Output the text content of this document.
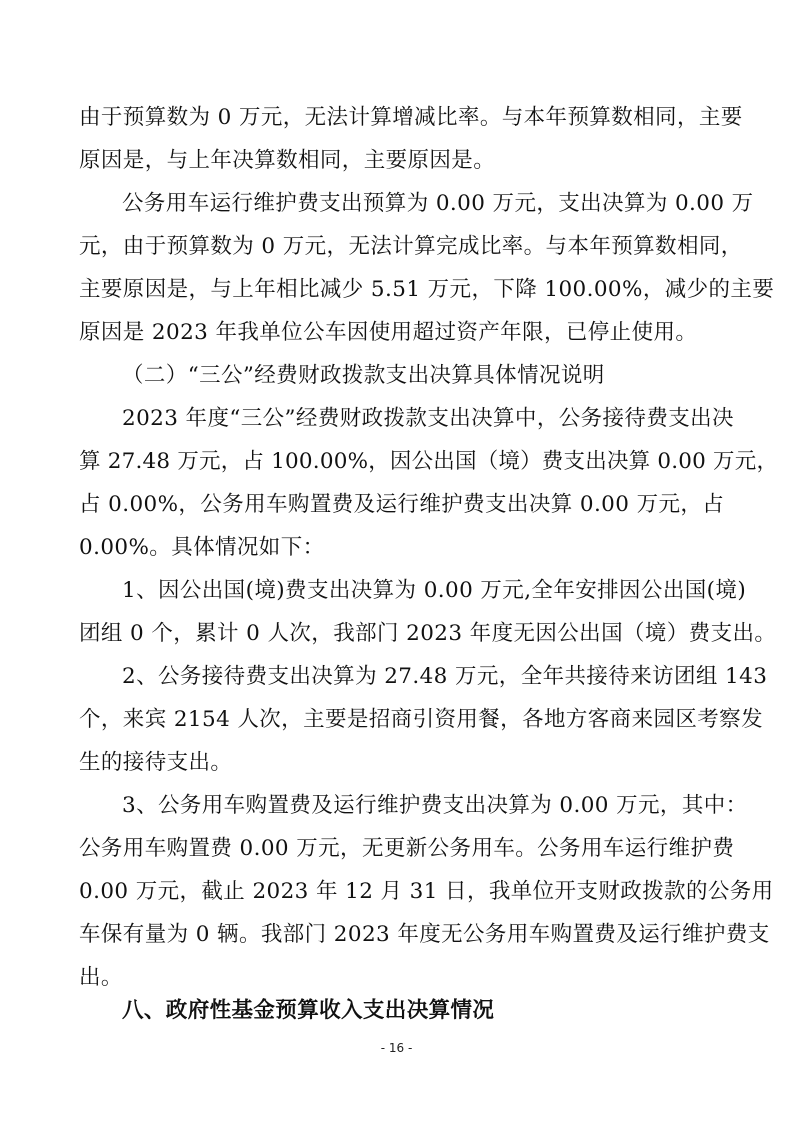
由于预算数为 0 万元，无法计算增减比率。与本年预算数相同，主要
原因是，与上年决算数相同，主要原因是。
公务用车运行维护费支出预算为 0.00 万元，支出决算为 0.00 万
元，由于预算数为 0 万元，无法计算完成比率。与本年预算数相同，
主要原因是，与上年相比减少 5.51 万元，下降 100.00%，减少的主要
原因是 2023 年我单位公车因使用超过资产年限，已停止使用。
（二）“三公”经费财政拨款支出决算具体情况说明
2023 年度“三公”经费财政拨款支出决算中，公务接待费支出决
算 27.48 万元，占 100.00%，因公出国（境）费支出决算 0.00 万元，
占 0.00%，公务用车购置费及运行维护费支出决算 0.00 万元，占
0.00%。具体情况如下：
1、因公出国(境)费支出决算为 0.00 万元,全年安排因公出国(境)
团组 0 个，累计 0 人次，我部门 2023 年度无因公出国（境）费支出。
2、公务接待费支出决算为 27.48 万元，全年共接待来访团组 143
个，来宾 2154 人次，主要是招商引资用餐，各地方客商来园区考察发
生的接待支出。
3、公务用车购置费及运行维护费支出决算为 0.00 万元，其中：
公务用车购置费 0.00 万元，无更新公务用车。公务用车运行维护费
0.00 万元，截止 2023 年 12 月 31 日，我单位开支财政拨款的公务用
车保有量为 0 辆。我部门 2023 年度无公务用车购置费及运行维护费支
出。
八、政府性基金预算收入支出决算情况
- 16 -
